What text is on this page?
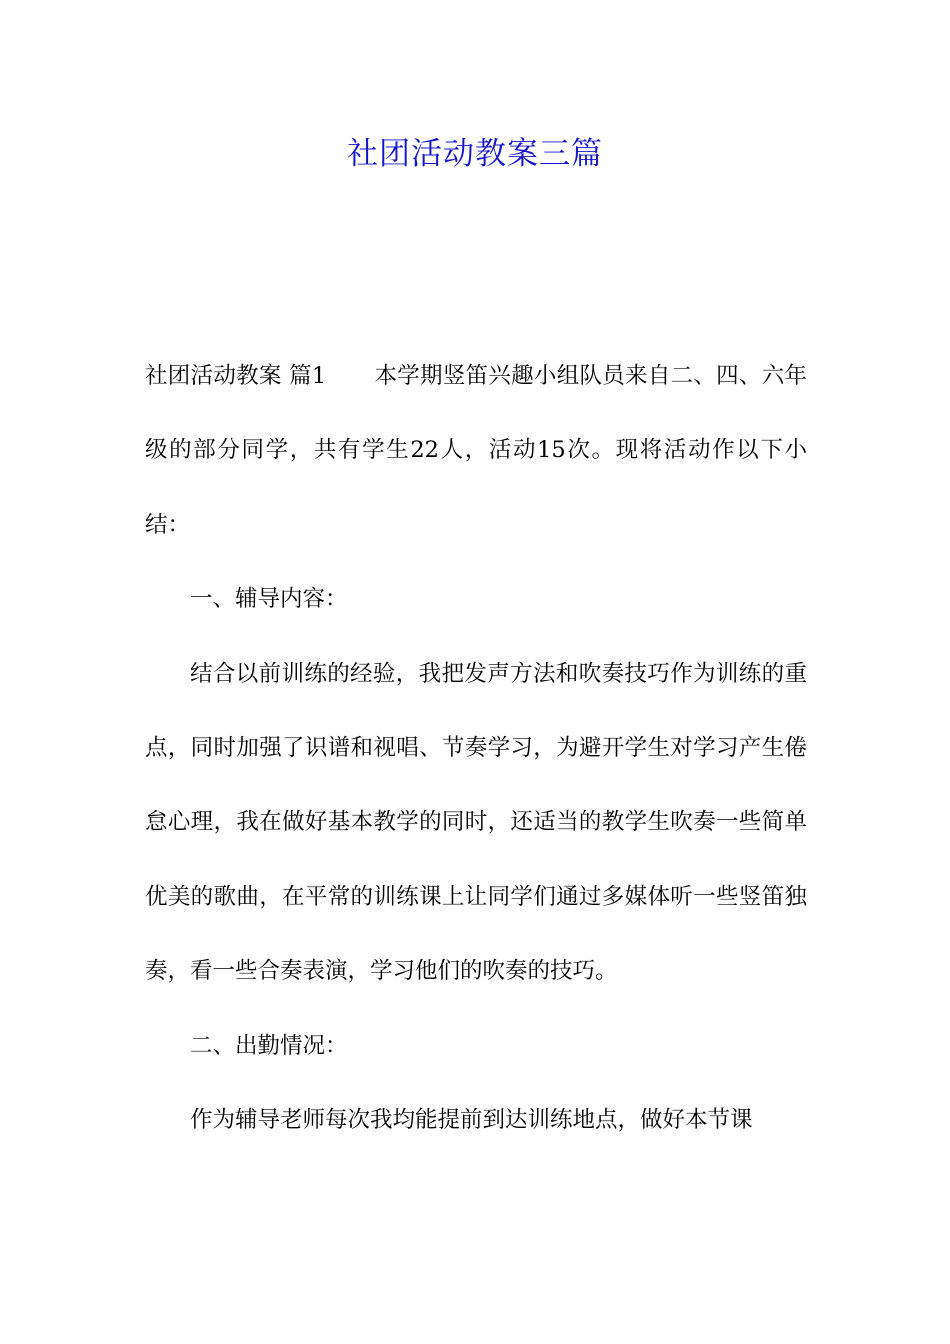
社团活动教案三篇

社团活动教案 篇1 本学期竖笛兴趣小组队员来自二、四、六年级的部分同学，共有学生22人，活动15次。现将活动作以下小结：

一、辅导内容：

结合以前训练的经验，我把发声方法和吹奏技巧作为训练的重点，同时加强了识谱和视唱、节奏学习，为避开学生对学习产生倦怠心理，我在做好基本教学的同时，还适当的教学生吹奏一些简单优美的歌曲，在平常的训练课上让同学们通过多媒体听一些竖笛独奏，看一些合奏表演，学习他们的吹奏的技巧。

二、出勤情况：

作为辅导老师每次我均能提前到达训练地点，做好本节课
